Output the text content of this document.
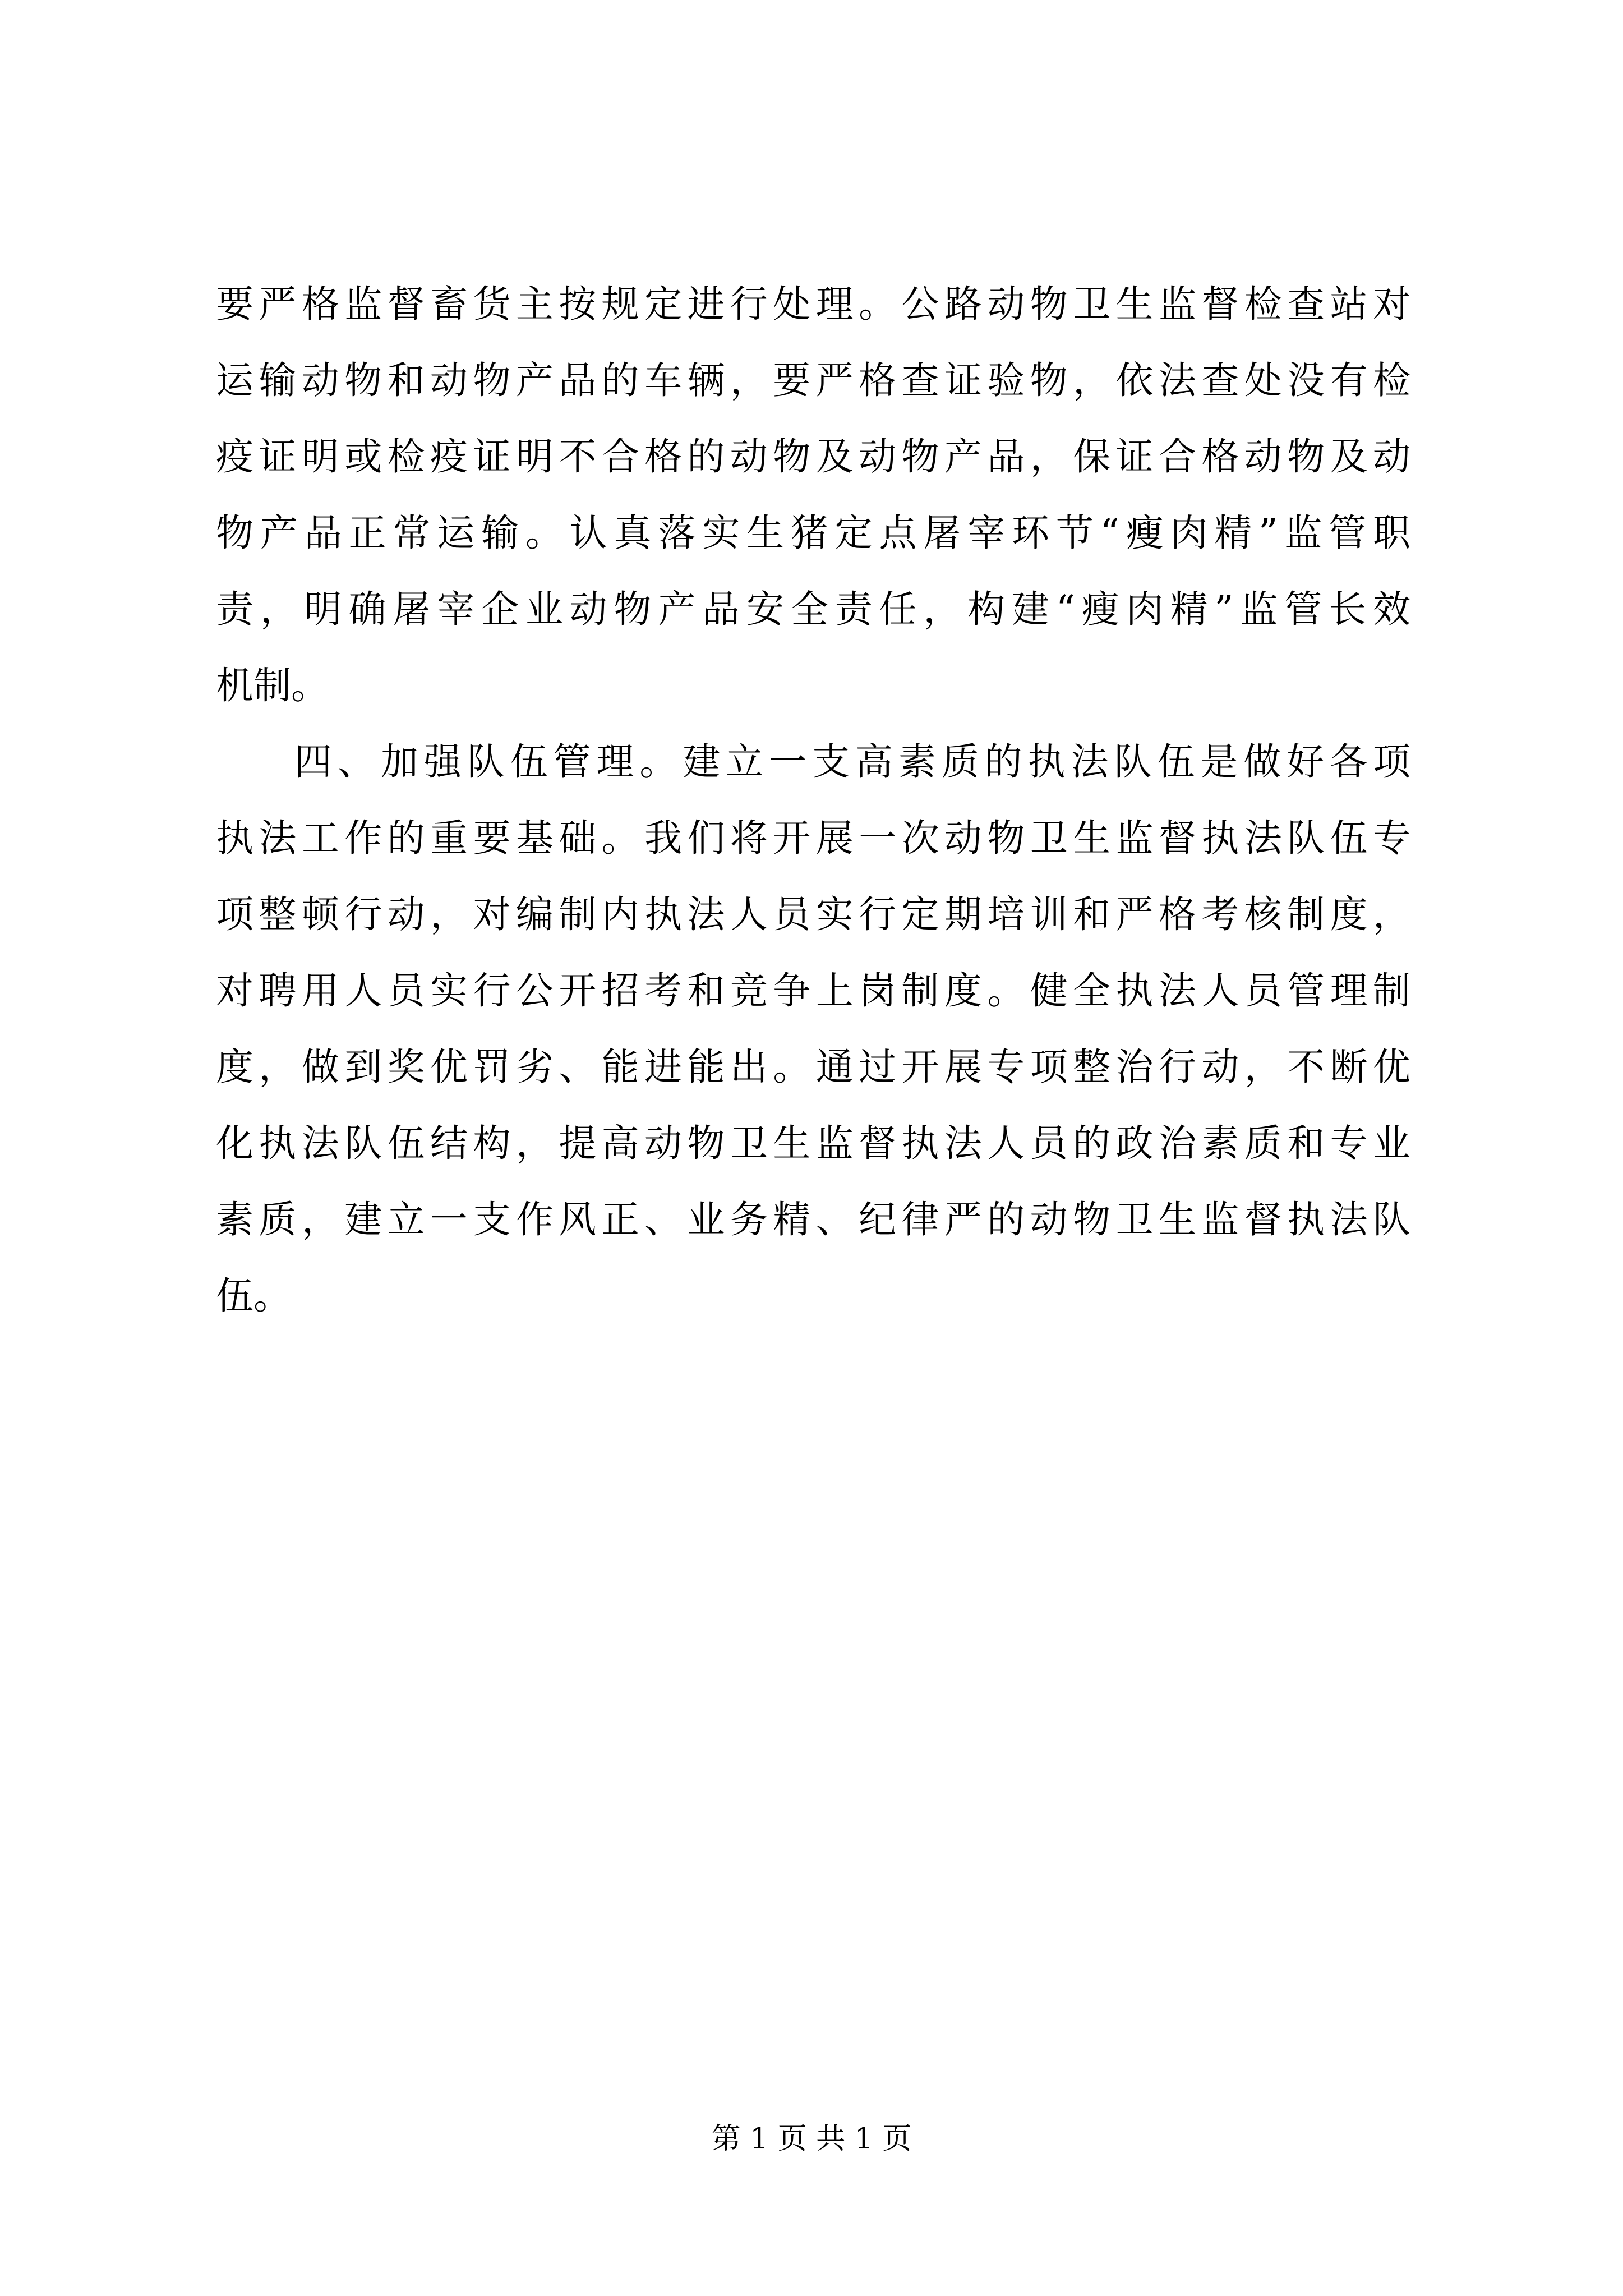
要严格监督畜货主按规定进行处理。公路动物卫生监督检查站对
运输动物和动物产品的车辆，要严格查证验物，依法查处没有检
疫证明或检疫证明不合格的动物及动物产品，保证合格动物及动
物产品正常运输。认真落实生猪定点屠宰环节“瘦肉精”监管职
责，明确屠宰企业动物产品安全责任，构建“瘦肉精”监管长效
机制。
四、加强队伍管理。建立一支高素质的执法队伍是做好各项
执法工作的重要基础。我们将开展一次动物卫生监督执法队伍专
项整顿行动，对编制内执法人员实行定期培训和严格考核制度，
对聘用人员实行公开招考和竞争上岗制度。健全执法人员管理制
度，做到奖优罚劣、能进能出。通过开展专项整治行动，不断优
化执法队伍结构，提高动物卫生监督执法人员的政治素质和专业
素质，建立一支作风正、业务精、纪律严的动物卫生监督执法队
伍。
第 1 页 共 1 页
